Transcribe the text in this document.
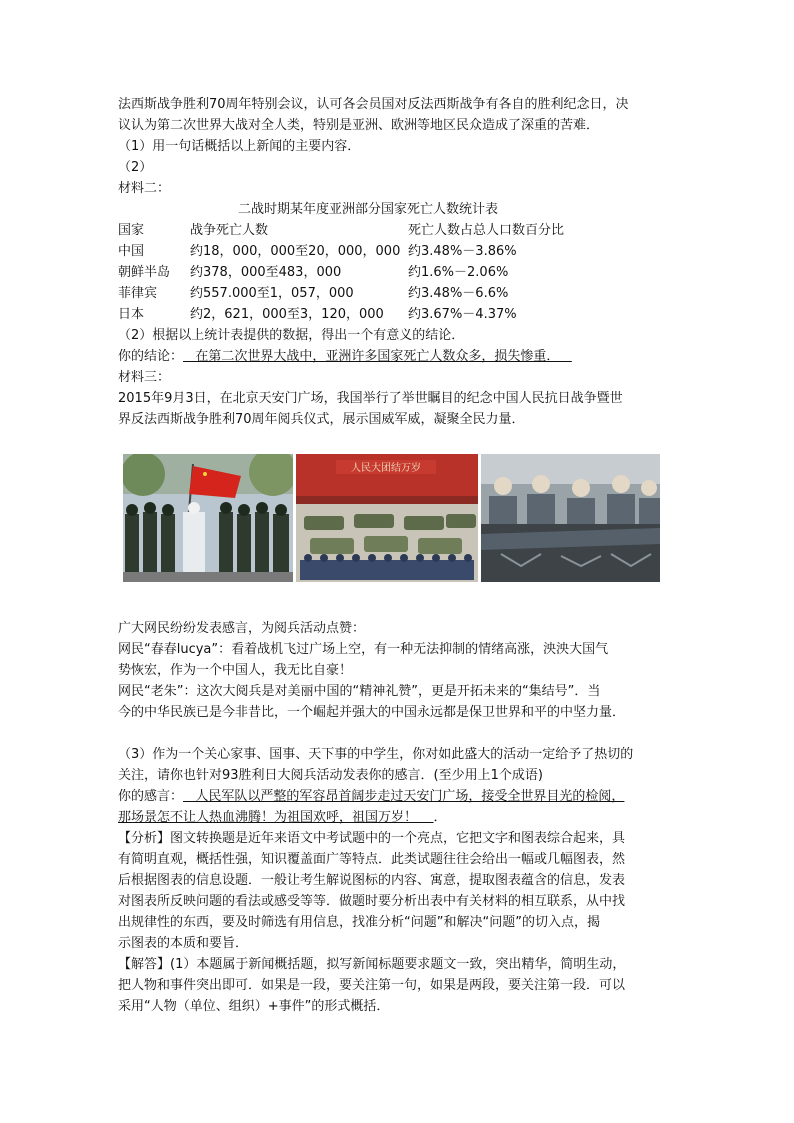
法西斯战争胜利70周年特别会议，认可各会员国对反法西斯战争有各自的胜利纪念日，决

议认为第二次世界大战对全人类，特别是亚洲、欧洲等地区民众造成了深重的苦难．

（1）用一句话概括以上新闻的主要内容．

（2）

材料二：

二战时期某年度亚洲部分国家死亡人数统计表

国家	战争死亡人数	死亡人数占总人口数百分比
中国	约18，000，000至20，000，000	约3.48%－3.86%
朝鲜半岛	约378，000至483，000	约1.6%－2.06%
菲律宾	约557.000至1，057，000	约3.48%－6.6%
日本	约2，621，000至3，120，000	约3.67%－4.37%

（2）根据以上统计表提供的数据，得出一个有意义的结论．

你的结论：   在第二次世界大战中，亚洲许多国家死亡人数众多，损失惨重．

材料三：

2015年9月3日，在北京天安门广场，我国举行了举世瞩目的纪念中国人民抗日战争暨世

界反法西斯战争胜利70周年阅兵仪式，展示国威军威，凝聚全民力量．

人民大团结万岁

广大网民纷纷发表感言，为阅兵活动点赞：

网民“春春lucya”：看着战机飞过广场上空，有一种无法抑制的情绪高涨，泱泱大国气

势恢宏，作为一个中国人，我无比自豪！

网民“老朱”：这次大阅兵是对美丽中国的“精神礼赞”，更是开拓未来的“集结号”．当

今的中华民族已是今非昔比，一个崛起并强大的中国永远都是保卫世界和平的中坚力量．

（3）作为一个关心家事、国事、天下事的中学生，你对如此盛大的活动一定给予了热切的

关注，请你也针对93胜利日大阅兵活动发表你的感言．(至少用上1个成语)

你的感言：   人民军队以严整的军容昂首阔步走过天安门广场，接受全世界目光的检阅，

那场景怎不让人热血沸腾！为祖国欢呼，祖国万岁！    ．

【分析】图文转换题是近年来语文中考试题中的一个亮点，它把文字和图表综合起来，具

有简明直观，概括性强，知识覆盖面广等特点．此类试题往往会给出一幅或几幅图表，然

后根据图表的信息设题．一般让考生解说图标的内容、寓意，提取图表蕴含的信息，发表

对图表所反映问题的看法或感受等等．做题时要分析出表中有关材料的相互联系，从中找

出规律性的东西，要及时筛选有用信息，找准分析“问题”和解决“问题”的切入点，揭

示图表的本质和要旨．

【解答】(1）本题属于新闻概括题，拟写新闻标题要求题文一致，突出精华，简明生动，

把人物和事件突出即可．如果是一段，要关注第一句，如果是两段，要关注第一段．可以

采用“人物（单位、组织）+事件”的形式概括．
